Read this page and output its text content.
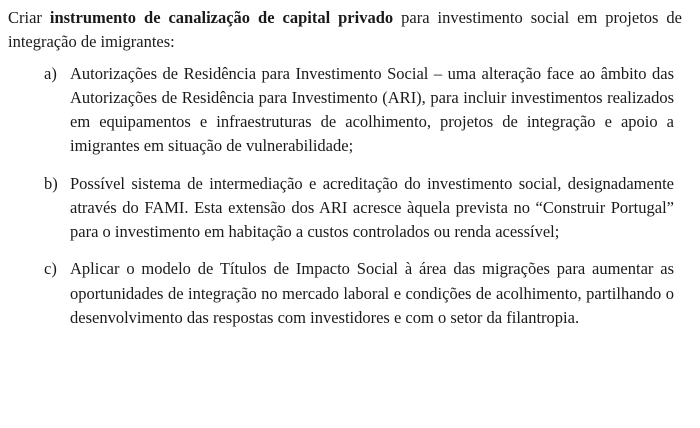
Criar instrumento de canalização de capital privado para investimento social em projetos de integração de imigrantes:

a) Autorizações de Residência para Investimento Social – uma alteração face ao âmbito das Autorizações de Residência para Investimento (ARI), para incluir investimentos realizados em equipamentos e infraestruturas de acolhimento, projetos de integração e apoio a imigrantes em situação de vulnerabilidade;
b) Possível sistema de intermediação e acreditação do investimento social, designadamente através do FAMI. Esta extensão dos ARI acresce àquela prevista no “Construir Portugal” para o investimento em habitação a custos controlados ou renda acessível;
c) Aplicar o modelo de Títulos de Impacto Social à área das migrações para aumentar as oportunidades de integração no mercado laboral e condições de acolhimento, partilhando o desenvolvimento das respostas com investidores e com o setor da filantropia.
